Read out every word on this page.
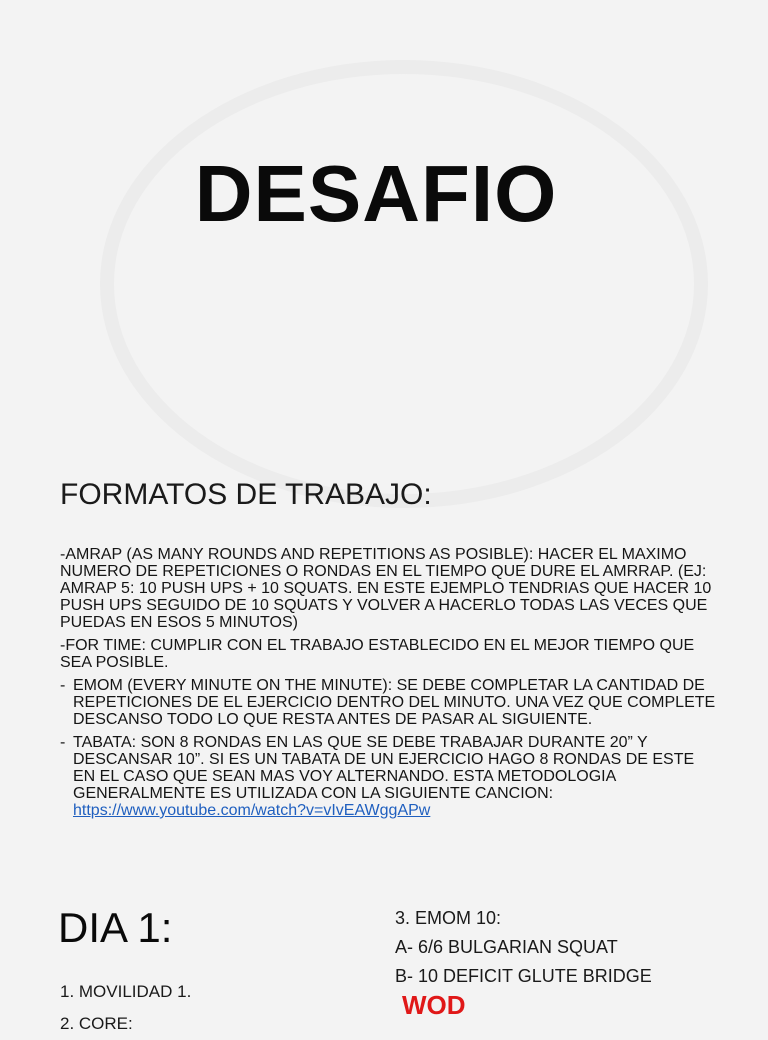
DESAFIO
FORMATOS DE TRABAJO:

-AMRAP (AS MANY ROUNDS AND REPETITIONS AS POSIBLE): HACER EL MAXIMO NUMERO DE REPETICIONES O RONDAS EN EL TIEMPO QUE DURE EL AMRRAP. (EJ: AMRAP 5: 10 PUSH UPS + 10 SQUATS. EN ESTE EJEMPLO TENDRIAS QUE HACER 10 PUSH UPS SEGUIDO DE 10 SQUATS Y VOLVER A HACERLO TODAS LAS VECES QUE PUEDAS EN ESOS 5 MINUTOS)

-FOR TIME: CUMPLIR CON EL TRABAJO ESTABLECIDO EN EL MEJOR TIEMPO QUE SEA POSIBLE.

- EMOM (EVERY MINUTE ON THE MINUTE): SE DEBE COMPLETAR LA CANTIDAD DE REPETICIONES DE EL EJERCICIO DENTRO DEL MINUTO. UNA VEZ QUE COMPLETE DESCANSO TODO LO QUE RESTA ANTES DE PASAR AL SIGUIENTE.
- TABATA: SON 8 RONDAS EN LAS QUE SE DEBE TRABAJAR DURANTE 20” Y DESCANSAR 10”. SI ES UN TABATA DE UN EJERCICIO HAGO 8 RONDAS DE ESTE EN EL CASO QUE SEAN MAS VOY ALTERNANDO. ESTA METODOLOGIA GENERALMENTE ES UTILIZADA CON LA SIGUIENTE CANCION:
https://www.youtube.com/watch?v=vIvEAWggAPw
DIA 1:
1. MOVILIDAD 1.
2. CORE:
3. EMOM 10:
A- 6/6 BULGARIAN SQUAT
B- 10 DEFICIT GLUTE BRIDGE
WOD
